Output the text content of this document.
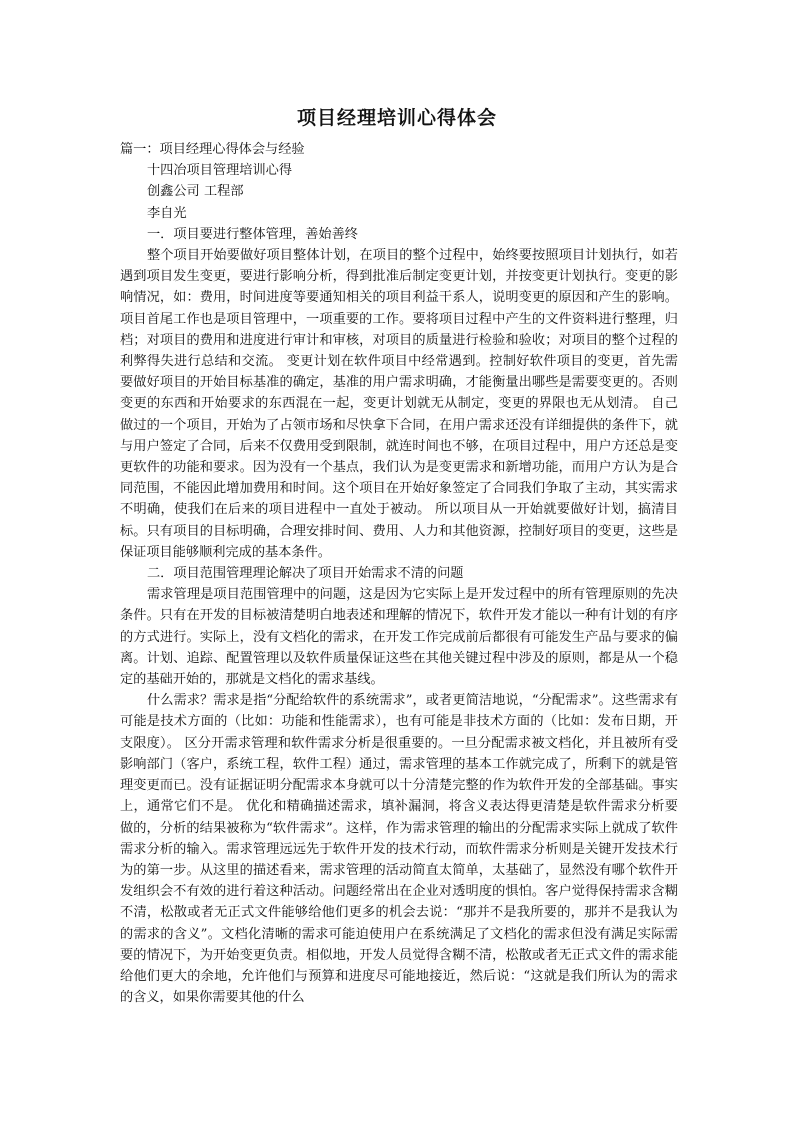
项目经理培训心得体会

篇一：项目经理心得体会与经验

十四冶项目管理培训心得

创鑫公司 工程部

李自光

一．项目要进行整体管理，善始善终

整个项目开始要做好项目整体计划，在项目的整个过程中，始终要按照项目计划执行，如若遇到项目发生变更，要进行影响分析，得到批准后制定变更计划，并按变更计划执行。变更的影响情况，如：费用，时间进度等要通知相关的项目利益干系人，说明变更的原因和产生的影响。 项目首尾工作也是项目管理中，一项重要的工作。要将项目过程中产生的文件资料进行整理，归档；对项目的费用和进度进行审计和审核，对项目的质量进行检验和验收；对项目的整个过程的利弊得失进行总结和交流。 变更计划在软件项目中经常遇到。控制好软件项目的变更，首先需要做好项目的开始目标基准的确定，基准的用户需求明确，才能衡量出哪些是需要变更的。否则变更的东西和开始要求的东西混在一起，变更计划就无从制定，变更的界限也无从划清。 自己做过的一个项目，开始为了占领市场和尽快拿下合同，在用户需求还没有详细提供的条件下，就与用户签定了合同，后来不仅费用受到限制，就连时间也不够，在项目过程中，用户方还总是变更软件的功能和要求。因为没有一个基点，我们认为是变更需求和新增功能，而用户方认为是合同范围，不能因此增加费用和时间。这个项目在开始好象签定了合同我们争取了主动，其实需求不明确，使我们在后来的项目进程中一直处于被动。 所以项目从一开始就要做好计划，搞清目标。只有项目的目标明确，合理安排时间、费用、人力和其他资源，控制好项目的变更，这些是保证项目能够顺利完成的基本条件。

二．项目范围管理理论解决了项目开始需求不清的问题

需求管理是项目范围管理中的问题，这是因为它实际上是开发过程中的所有管理原则的先决条件。只有在开发的目标被清楚明白地表述和理解的情况下，软件开发才能以一种有计划的有序的方式进行。实际上，没有文档化的需求，在开发工作完成前后都很有可能发生产品与要求的偏离。计划、追踪、配置管理以及软件质量保证这些在其他关键过程中涉及的原则，都是从一个稳定的基础开始的，那就是文档化的需求基线。

什么需求？需求是指“分配给软件的系统需求”，或者更简洁地说，“分配需求”。这些需求有可能是技术方面的（比如：功能和性能需求），也有可能是非技术方面的（比如：发布日期，开支限度）。 区分开需求管理和软件需求分析是很重要的。一旦分配需求被文档化，并且被所有受影响部门（客户，系统工程，软件工程）通过，需求管理的基本工作就完成了，所剩下的就是管理变更而已。没有证据证明分配需求本身就可以十分清楚完整的作为软件开发的全部基础。事实上，通常它们不是。 优化和精确描述需求，填补漏洞，将含义表达得更清楚是软件需求分析要做的，分析的结果被称为“软件需求”。这样，作为需求管理的输出的分配需求实际上就成了软件需求分析的输入。需求管理远远先于软件开发的技术行动，而软件需求分析则是关键开发技术行为的第一步。从这里的描述看来，需求管理的活动简直太简单，太基础了，显然没有哪个软件开发组织会不有效的进行着这种活动。问题经常出在企业对透明度的惧怕。客户觉得保持需求含糊不清，松散或者无正式文件能够给他们更多的机会去说：“那并不是我所要的，那并不是我认为的需求的含义”。文档化清晰的需求可能迫使用户在系统满足了文档化的需求但没有满足实际需要的情况下，为开始变更负责。相似地，开发人员觉得含糊不清，松散或者无正式文件的需求能给他们更大的余地，允许他们与预算和进度尽可能地接近，然后说：“这就是我们所认为的需求的含义，如果你需要其他的什么
